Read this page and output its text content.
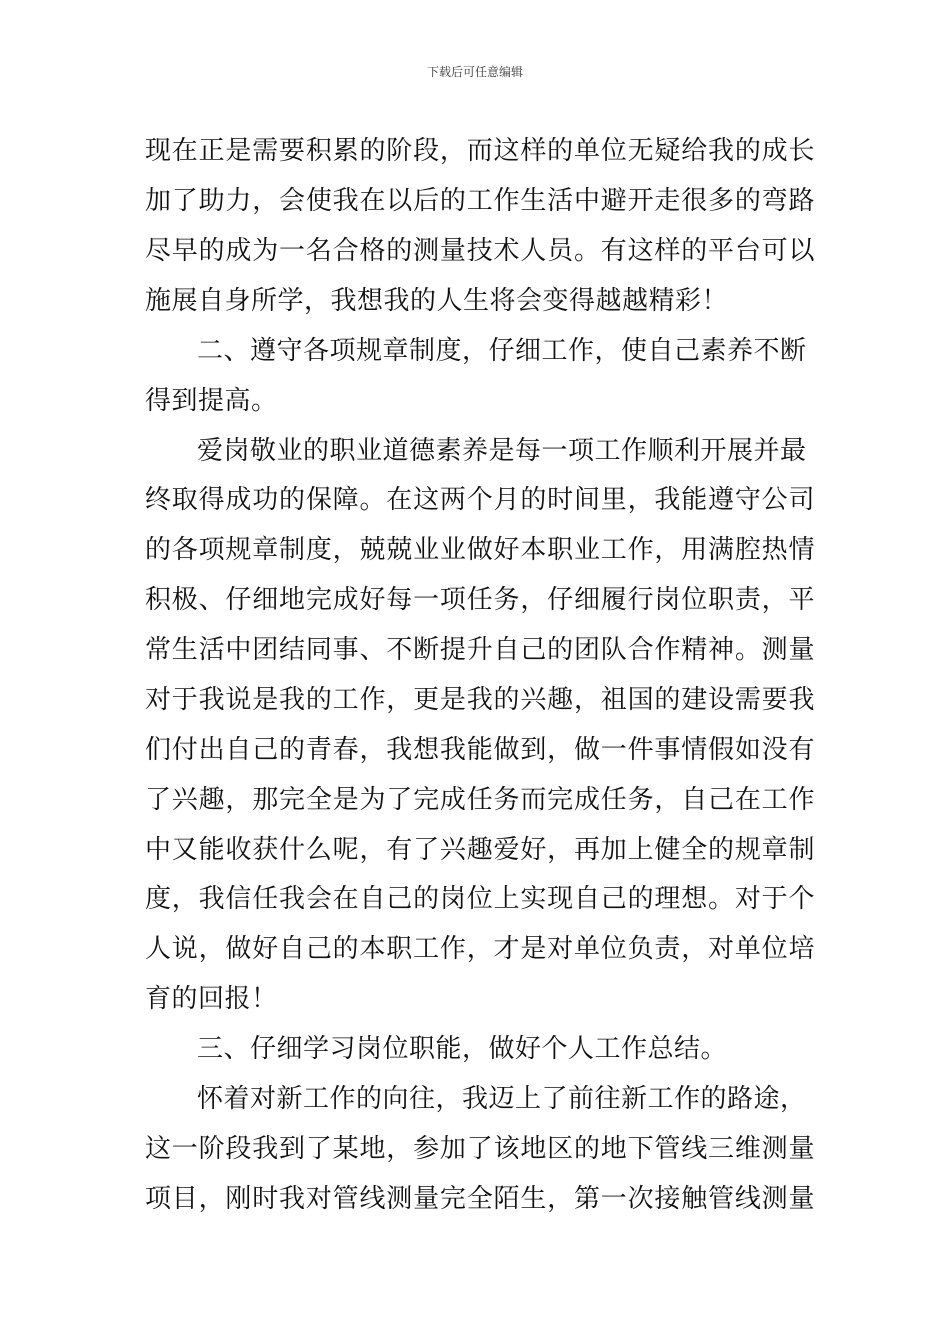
下载后可任意编辑
现在正是需要积累的阶段，而这样的单位无疑给我的成长
加了助力，会使我在以后的工作生活中避开走很多的弯路
尽早的成为一名合格的测量技术人员。有这样的平台可以
施展自身所学，我想我的人生将会变得越越精彩！
二、遵守各项规章制度，仔细工作，使自己素养不断
得到提高。
爱岗敬业的职业道德素养是每一项工作顺利开展并最
终取得成功的保障。在这两个月的时间里，我能遵守公司
的各项规章制度，兢兢业业做好本职业工作，用满腔热情
积极、仔细地完成好每一项任务，仔细履行岗位职责，平
常生活中团结同事、不断提升自己的团队合作精神。测量
对于我说是我的工作，更是我的兴趣，祖国的建设需要我
们付出自己的青春，我想我能做到，做一件事情假如没有
了兴趣，那完全是为了完成任务而完成任务，自己在工作
中又能收获什么呢，有了兴趣爱好，再加上健全的规章制
度，我信任我会在自己的岗位上实现自己的理想。对于个
人说，做好自己的本职工作，才是对单位负责，对单位培
育的回报！
三、仔细学习岗位职能，做好个人工作总结。
怀着对新工作的向往，我迈上了前往新工作的路途，
这一阶段我到了某地，参加了该地区的地下管线三维测量
项目，刚时我对管线测量完全陌生，第一次接触管线测量
